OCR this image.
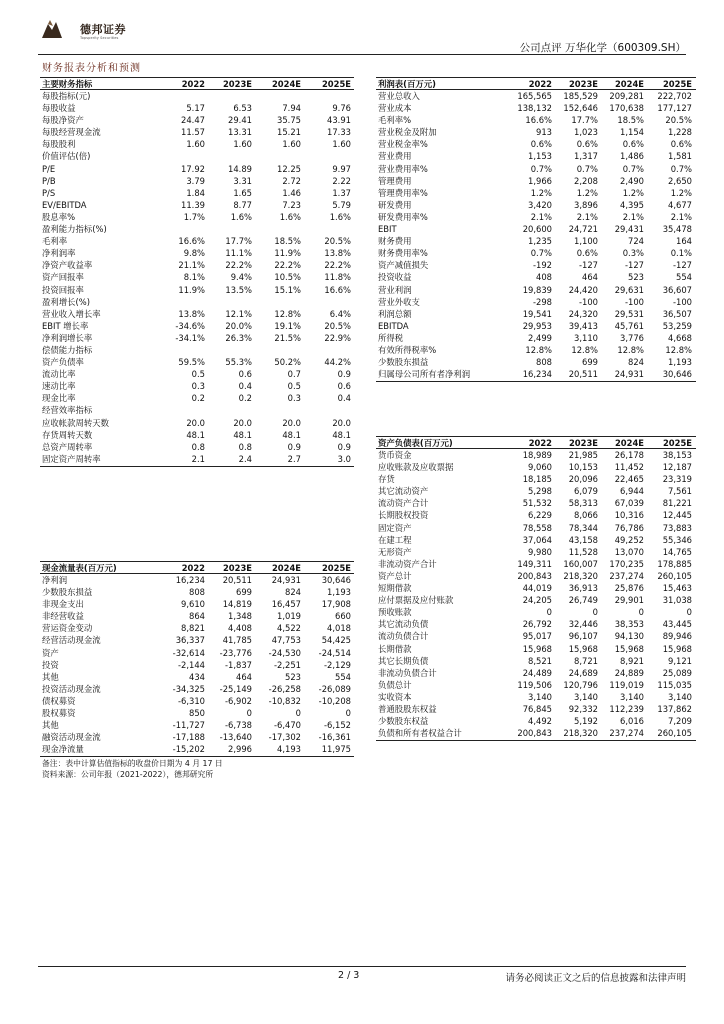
德邦证券
Topsperity Securities
公司点评 万华化学（600309.SH）
财务报表分析和预测
主要财务指标	2022 2023E 2024E 2025E
每股指标(元)
每股收益	5.17	6.53	7.94	9.76
每股净资产	24.47	29.41	35.75	43.91
每股经营现金流	11.57	13.31	15.21	17.33
每股股利	1.60	1.60	1.60	1.60
价值评估(倍)
P/E	17.92	14.89	12.25	9.97
P/B	3.79	3.31	2.72	2.22
P/S	1.84	1.65	1.46	1.37
EV/EBITDA	11.39	8.77	7.23	5.79
股息率%	1.7%	1.6%	1.6%	1.6%
盈利能力指标(%)
毛利率	16.6% 17.7%	18.5%	20.5%
净利润率	9.8% 11.1%	11.9%	13.8%
净资产收益率	21.1% 22.2%	22.2%	22.2%
资产回报率	8.1%	9.4%	10.5%	11.8%
投资回报率	11.9% 13.5%	15.1%	16.6%
盈利增长(%)
营业收入增长率	13.8% 12.1%	12.8%	6.4%
EBIT 增长率	-34.6% 20.0%	19.1%	20.5%
净利润增长率	-34.1% 26.3%	21.5%	22.9%
偿债能力指标
资产负债率	59.5% 55.3%	50.2%	44.2%
流动比率	0.5	0.6	0.7	0.9
速动比率	0.3	0.4	0.5	0.6
现金比率	0.2	0.2	0.3	0.4
经营效率指标
应收帐款周转天数	20.0	20.0	20.0	20.0
存货周转天数	48.1	48.1	48.1	48.1
总资产周转率	0.8	0.8	0.9	0.9
固定资产周转率	2.1	2.4	2.7	3.0
利润表(百万元)	2022 2023E 2024E 2025E
营业总收入	165,565 185,529 209,281 222,702
营业成本	138,132 152,646 170,638 177,127
毛利率%	16.6% 17.7% 18.5%	20.5%
营业税金及附加	913	1,023	1,154	1,228
营业税金率%	0.6%	0.6%	0.6%	0.6%
营业费用	1,153	1,317	1,486	1,581
营业费用率%	0.7%	0.7%	0.7%	0.7%
管理费用	1,966	2,208	2,490	2,650
管理费用率%	1.2%	1.2%	1.2%	1.2%
研发费用	3,420	3,896	4,395	4,677
研发费用率%	2.1%	2.1%	2.1%	2.1%
EBIT	20,600 24,721 29,431 35,478
财务费用	1,235	1,100	724	164
财务费用率%	0.7%	0.6%	0.3%	0.1%
资产减值损失	-192	-127	-127	-127
投资收益	408	464	523	554
营业利润	19,839 24,420 29,631 36,607
营业外收支	-298	-100	-100	-100
利润总额	19,541 24,320 29,531 36,507
EBITDA	29,953 39,413 45,761 53,259
所得税	2,499	3,110	3,776	4,668
有效所得税率%	12.8% 12.8% 12.8%	12.8%
少数股东损益	808	699	824	1,193
归属母公司所有者净利润	16,234 20,511 24,931 30,646
资产负债表(百万元)	2022 2023E 2024E 2025E
货币资金	18,989 21,985 26,178 38,153
应收账款及应收票据	9,060 10,153 11,452 12,187
存货	18,185 20,096 22,465 23,319
其它流动资产	5,298	6,079	6,944	7,561
流动资产合计	51,532 58,313 67,039 81,221
长期股权投资	6,229	8,066 10,316 12,445
固定资产	78,558 78,344 76,786 73,883
在建工程	37,064 43,158 49,252 55,346
无形资产	9,980 11,528 13,070 14,765
非流动资产合计	149,311 160,007 170,235 178,885
资产总计	200,843 218,320 237,274 260,105
短期借款	44,019 36,913 25,876 15,463
应付票据及应付账款	24,205 26,749 29,901 31,038
预收账款	0	0	0	0
其它流动负债	26,792 32,446 38,353 43,445
流动负债合计	95,017 96,107 94,130 89,946
长期借款	15,968 15,968 15,968 15,968
其它长期负债	8,521	8,721	8,921	9,121
非流动负债合计	24,489 24,689 24,889 25,089
负债总计	119,506 120,796 119,019 115,035
实收资本	3,140	3,140	3,140	3,140
普通股股东权益	76,845 92,332 112,239 137,862
少数股东权益	4,492	5,192	6,016	7,209
负债和所有者权益合计	200,843 218,320 237,274 260,105
现金流量表(百万元)	2022 2023E 2024E 2025E
净利润	16,234 20,511 24,931 30,646
少数股东损益	808	699	824	1,193
非现金支出	9,610 14,819 16,457 17,908
非经营收益	864	1,348	1,019	660
营运资金变动	8,821	4,408	4,522	4,018
经营活动现金流	36,337 41,785 47,753 54,425
资产	-32,614 -23,776 -24,530 -24,514
投资	-2,144 -1,837	-2,251	-2,129
其他	434	464	523	554
投资活动现金流	-34,325 -25,149 -26,258 -26,089
债权募资	-6,310 -6,902 -10,832 -10,208
股权募资	850	0	0	0
其他	-11,727 -6,738	-6,470	-6,152
融资活动现金流	-17,188 -13,640 -17,302 -16,361
现金净流量	-15,202	2,996	4,193 11,975
备注：表中计算估值指标的收盘价日期为 4 月 17 日
资料来源：公司年报（2021-2022），德邦研究所
2 / 3	请务必阅读正文之后的信息披露和法律声明
